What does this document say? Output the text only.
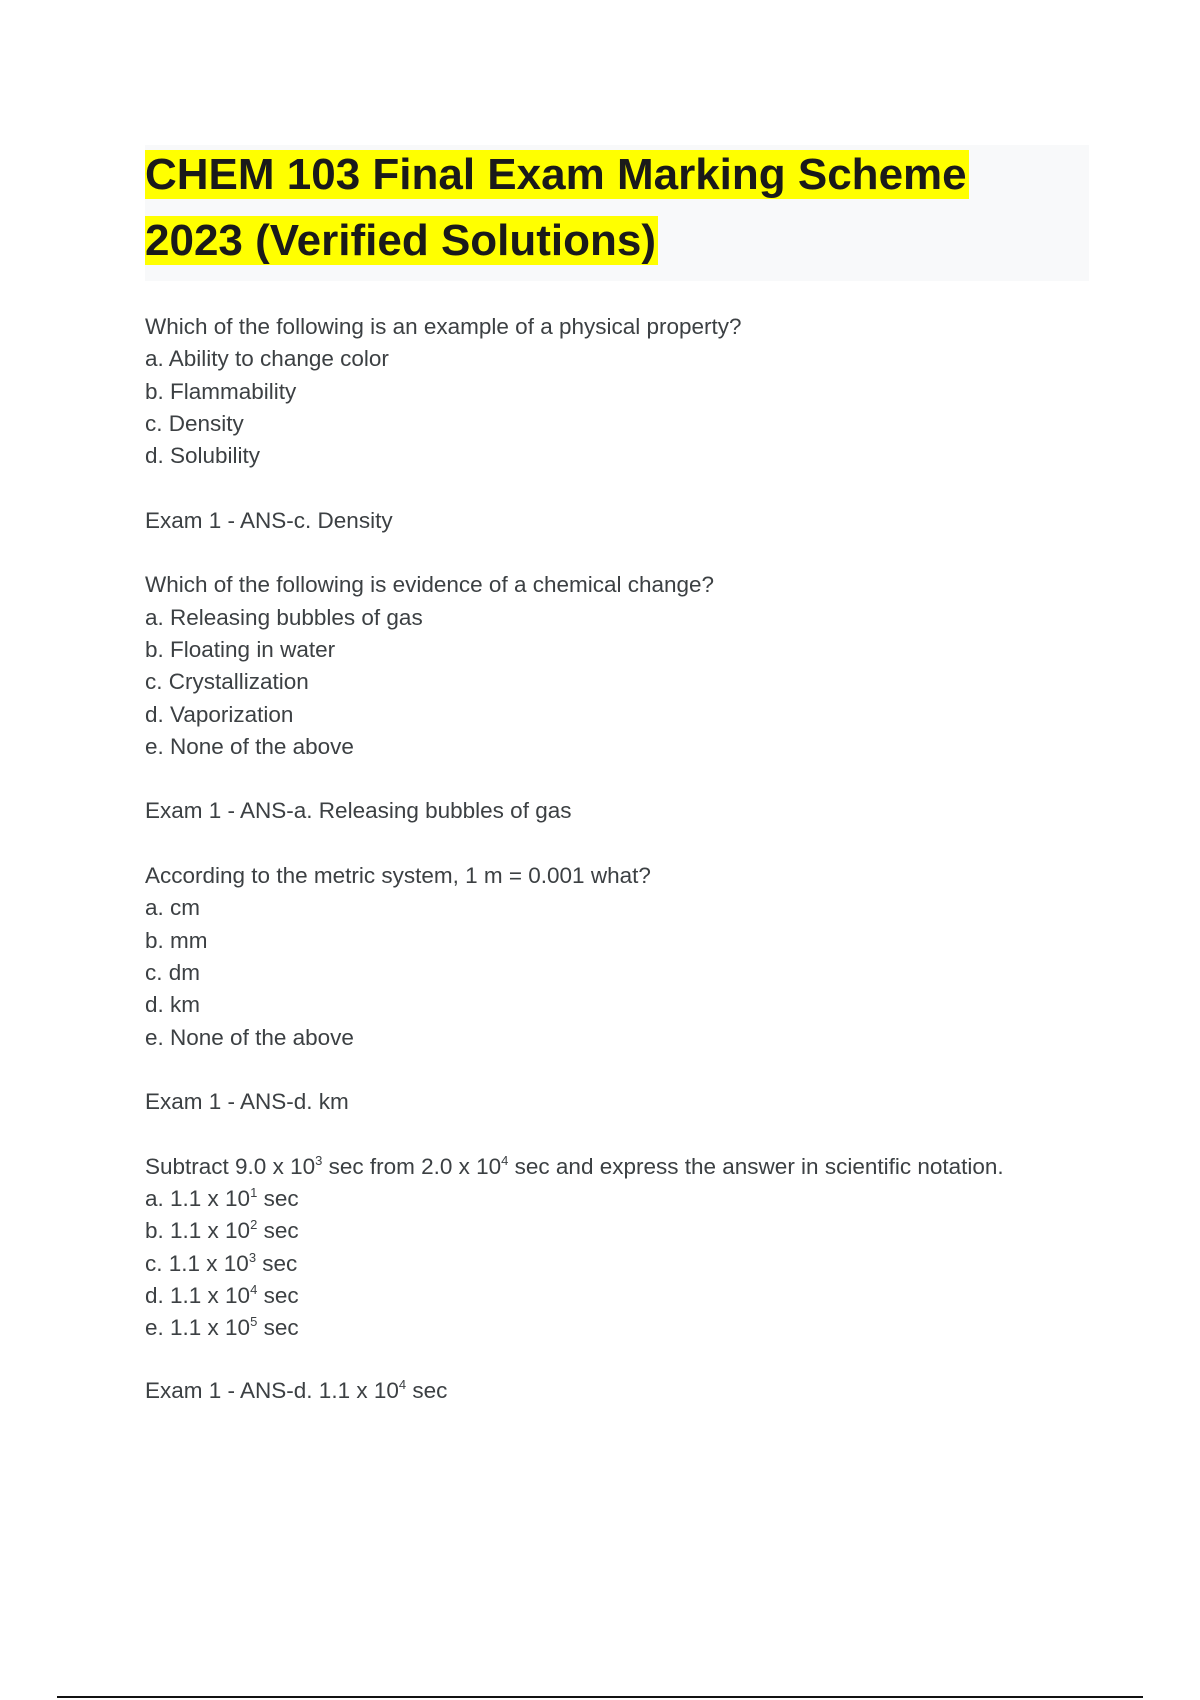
CHEM 103 Final Exam Marking Scheme
2023 (Verified Solutions)
Which of the following is an example of a physical property?
a. Ability to change color
b. Flammability
c. Density
d. Solubility
Exam 1 - ANS-c. Density
Which of the following is evidence of a chemical change?
a. Releasing bubbles of gas
b. Floating in water
c. Crystallization
d. Vaporization
e. None of the above
Exam 1 - ANS-a. Releasing bubbles of gas
According to the metric system, 1 m = 0.001 what?
a. cm
b. mm
c. dm
d. km
e. None of the above
Exam 1 - ANS-d. km
Subtract 9.0 x $10^3$ sec from 2.0 x $10^4$ sec and express the answer in scientific notation.
a. 1.1 x $10^1$ sec
b. 1.1 x $10^2$ sec
c. 1.1 x $10^3$ sec
d. 1.1 x $10^4$ sec
e. 1.1 x $10^5$ sec
Exam 1 - ANS-d. 1.1 x $10^4$ sec
